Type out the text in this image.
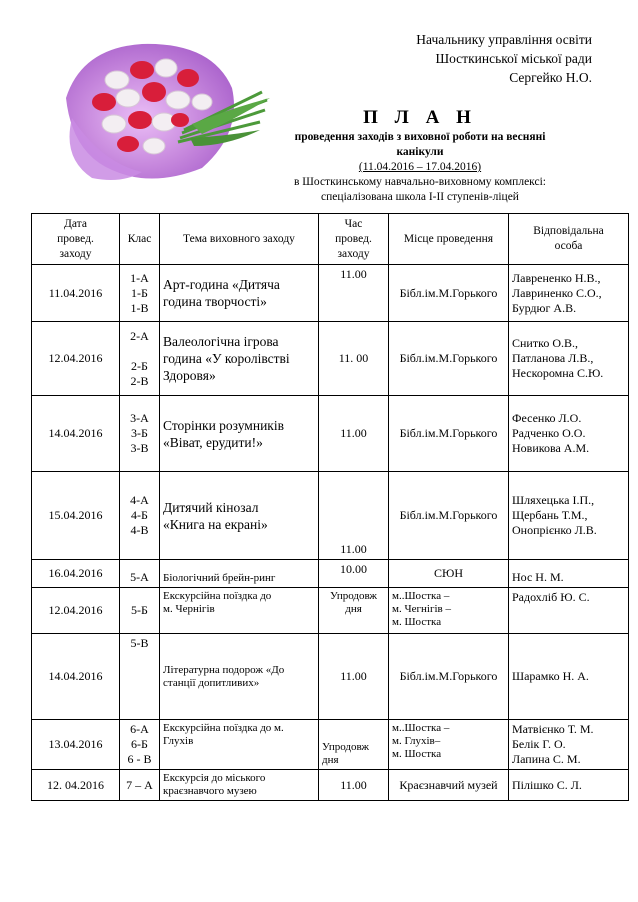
Начальнику управління освіти
Шосткинської міської ради
Сергейко Н.О.
П Л А Н
проведення заходів з виховної роботи на весняні
канікули
(11.04.2016 – 17.04.2016)
в Шосткинському навчально-виховному комплексі:
спеціалізована школа І-ІІ ступенів-ліцей
Дата
провед.
заходу	Клас	Тема виховного заходу	Час
провед.
заходу	Місце проведення	Відповідальна
особа
11.04.2016	1-А
1-Б
1-В	Арт-година «Дитяча
година творчості»	11.00	Бібл.ім.М.Горького	Лаврененко Н.В.,
Лавриненко С.О.,
Бурдюг А.В.
12.04.2016	2-А

2-Б
2-В	Валеологічна ігрова
година «У королівстві
Здоровя»	11. 00	Бібл.ім.М.Горького	Снитко О.В.,
Патланова Л.В.,
Нескоромна С.Ю.
14.04.2016	3-А
3-Б
3-В	Сторінки розумників
«Віват, ерудити!»	11.00	Бібл.ім.М.Горького	Фесенко Л.О.
Радченко О.О.
Новикова А.М.
15.04.2016	4-А
4-Б
4-В	Дитячий кінозал
«Книга на екрані»	11.00	Бібл.ім.М.Горького	Шляхецька І.П.,
Щербань Т.М.,
Онопрієнко Л.В.
16.04.2016	5-А	Біологічний брейн-ринг	10.00	СЮН	Нос Н. М.
12.04.2016	5-Б	Екскурсійна поїздка до
м. Чернігів	Упродовж
дня	м..Шостка –
м. Чегнігів –
м. Шостка	Радохліб Ю. С.
14.04.2016	5-В	Літературна подорож «До
станції допитливих»	11.00	Бібл.ім.М.Горького	Шарамко Н. А.
13.04.2016	6-А
6-Б
6 - В	Екскурсійна поїздка до м.
Глухів	Упродовж
дня	м..Шостка –
м. Глухів–
м. Шостка	Матвієнко Т. М.
Белік Г. О.
Лапина С. М.
12. 04.2016	7 – А	Екскурсія до міського
краєзнавчого музею	11.00	Краєзнавчий музей	Пілішко С. Л.
